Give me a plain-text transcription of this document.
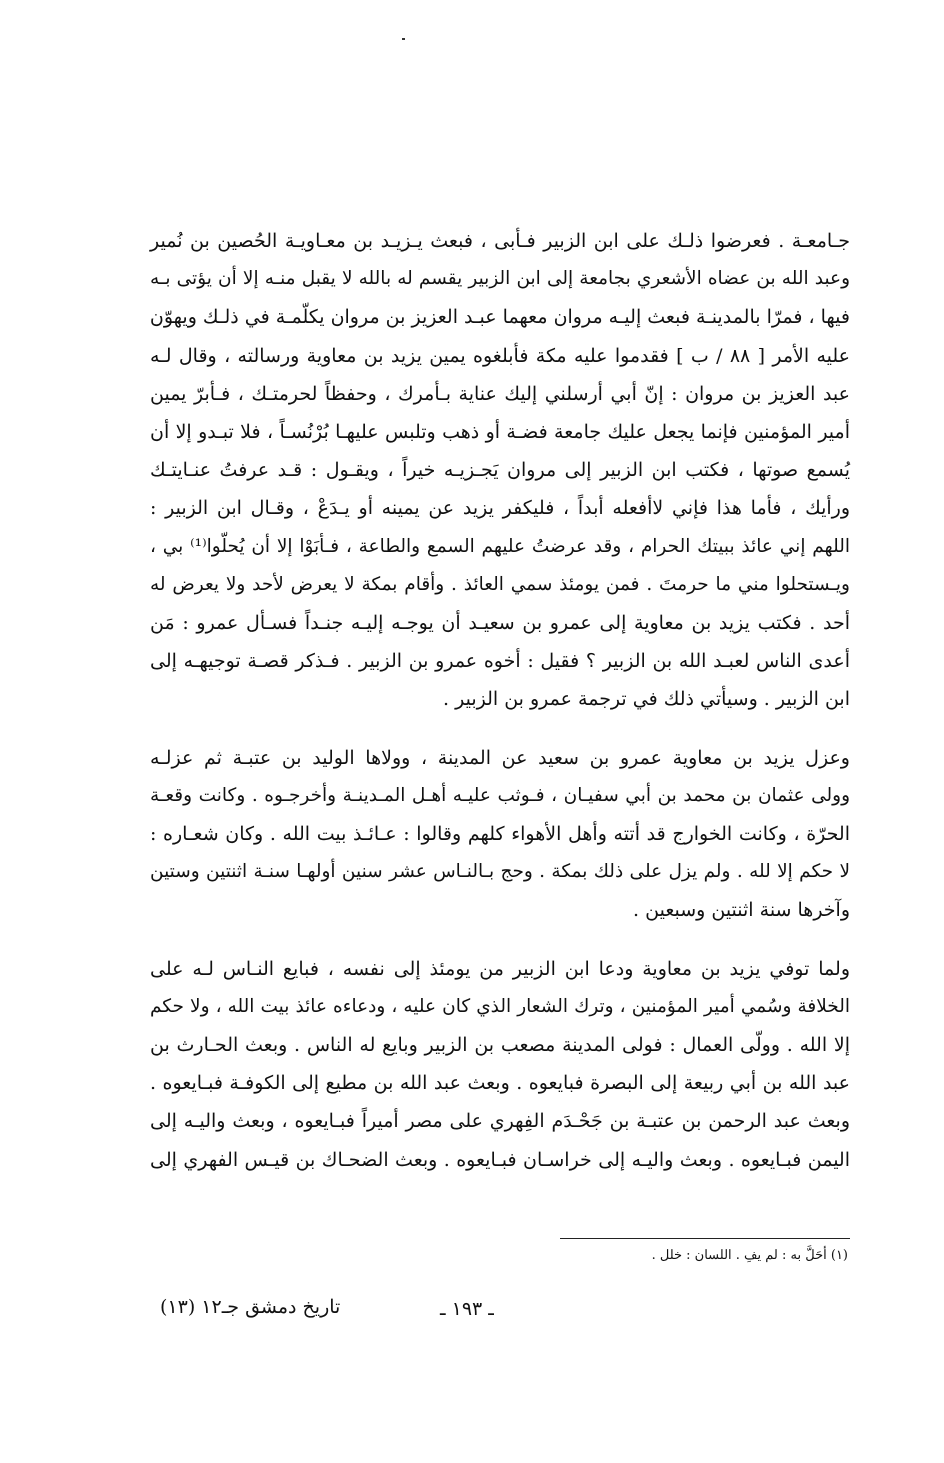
جـامعـة . فعرضوا ذلـك على ابن الزبير فـأبى ، فبعث يـزيـد بن معـاويـة الحُصين بن نُمير
وعبد الله بن عضاه الأشعري بجامعة إلى ابن الزبير يقسم له بالله لا يقبل منـه إلا أن يؤتى بـه
فيها ، فمرّا بالمدينـة فبعث إليـه مروان معهما عبـد العزيز بن مروان يكلّمـة في ذلـك ويهوّن
عليه الأمر [ ٨٨ / ب ] فقدموا عليه مكة فأبلغوه يمين يزيد بن معاوية ورسالته ، وقال لـه
عبد العزيز بن مروان : إنّ أبي أرسلني إليك عناية بـأمرك ، وحفظاً لحرمتـك ، فـأبرّ يمين
أمير المؤمنين فإنما يجعل عليك جامعة فضـة أو ذهب وتلبس عليهـا بُرْنُسـاً ، فلا تبـدو إلا أن
يُسمع صوتها ، فكتب ابن الزبير إلى مروان يَجـزيـه خيراً ، ويقـول : قـد عرفتُ عنـايتـك
ورأيك ، فأما هذا فإني لاأفعله أبداً ، فليكفر يزيد عن يمينه أو يـدَعْ ، وقـال ابن الزبير :
اللهم إني عائذ ببيتك الحرام ، وقد عرضتُ عليهم السمع والطاعة ، فـأبَوْا إلا أن يُحلّوا⁽¹⁾ بي ،
ويـستحلوا مني ما حرمتَ . فمن يومئذ سمي العائذ . وأقام بمكة لا يعرض لأحد ولا يعرض له
أحد . فكتب يزيد بن معاوية إلى عمرو بن سعيـد أن يوجـه إليـه جنـداً فسـأل عمرو : مَن
أعدى الناس لعبـد الله بن الزبير ؟ فقيل : أخوه عمرو بن الزبير . فـذكر قصـة توجيهـه إلى
ابن الزبير . وسيأتي ذلك في ترجمة عمرو بن الزبير .

وعزل يزيد بن معاوية عمرو بن سعيد عن المدينة ، وولاها الوليد بن عتبـة ثم عزلـه
وولى عثمان بن محمد بن أبي سفيـان ، فـوثب عليـه أهـل المـدينـة وأخرجـوه . وكانت وقعـة
الحرّة ، وكانت الخوارج قد أتته وأهل الأهواء كلهم وقالوا : عـائـذ بيت الله . وكان شعـاره :
لا حكم إلا لله . ولم يزل على ذلك بمكة . وحج بـالنـاس عشر سنين أولهـا سنـة اثنتين وستين
وآخرها سنة اثنتين وسبعين .

ولما توفي يزيد بن معاوية ودعا ابن الزبير من يومئذ إلى نفسه ، فبايع النـاس لـه على
الخلافة وسُمي أمير المؤمنين ، وترك الشعار الذي كان عليه ، ودعاءه عائذ بيت الله ، ولا حكم
إلا الله . وولّى العمال : فولى المدينة مصعب بن الزبير وبايع له الناس . وبعث الحـارث بن
عبد الله بن أبي ربيعة إلى البصرة فبايعوه . وبعث عبد الله بن مطيع إلى الكوفـة فبـايعوه .
وبعث عبد الرحمن بن عتبـة بن جَحْـدَم الفِهري على مصر أميراً فبـايعوه ، وبعث واليـه إلى
اليمن فبـايعوه . وبعث واليـه إلى خراسـان فبـايعوه . وبعث الضحـاك بن قيـس الفهري إلى

(١) أحَلَّ به : لم يفِ . اللسان : خلل .
ـ ١٩٣ ـ
تاريخ دمشق جـ١٢ (١٣)
